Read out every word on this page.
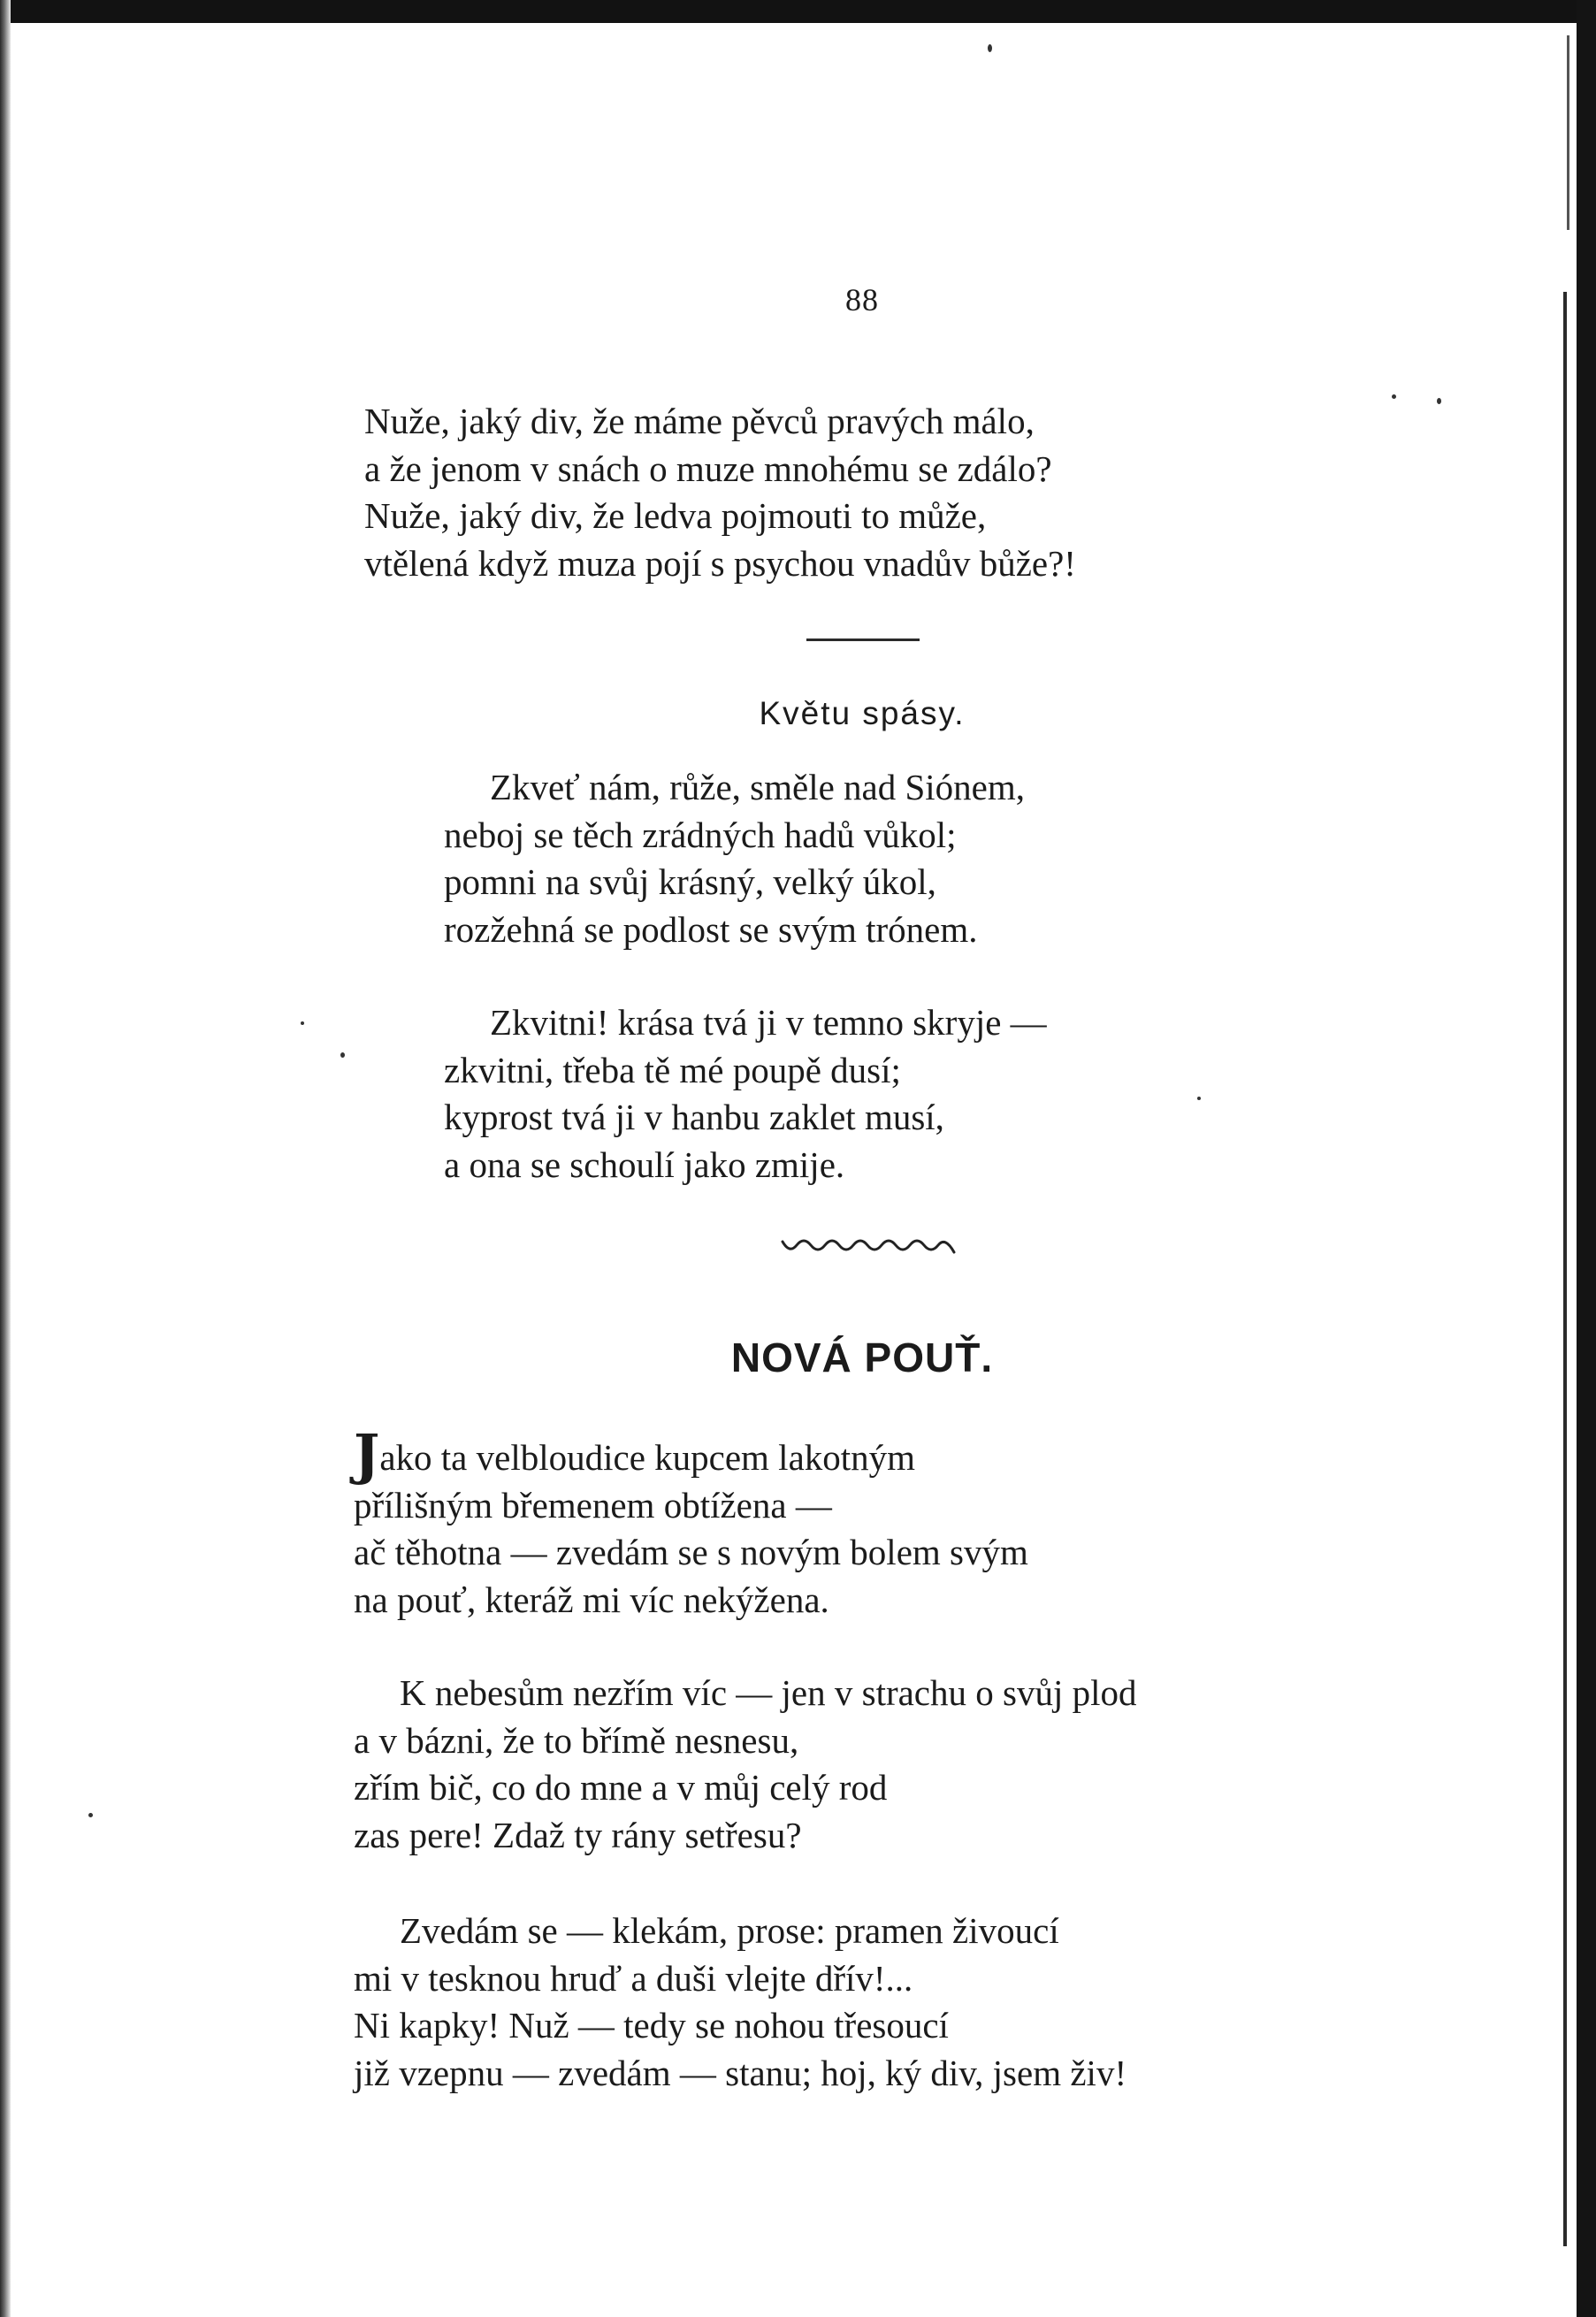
88
Nuže, jaký div, že máme pěvců pravých málo,
a že jenom v snách o muze mnohému se zdálo?
Nuže, jaký div, že ledva pojmouti to může,
vtělená když muza pojí s psychou vnadův bůže?!
Květu spásy.
Zkveť nám, růže, směle nad Siónem,
neboj se těch zrádných hadů vůkol;
pomni na svůj krásný, velký úkol,
rozžehná se podlost se svým trónem.
Zkvitni! krása tvá ji v temno skryje —
zkvitni, třeba tě mé poupě dusí;
kyprost tvá ji v hanbu zaklet musí,
a ona se schoulí jako zmije.
NOVÁ POUŤ.
Jako ta velbloudice kupcem lakotným
přílišným břemenem obtížena —
ač těhotna — zvedám se s novým bolem svým
na pouť, kteráž mi víc nekýžena.
K nebesům nezřím víc — jen v strachu o svůj plod
a v bázni, že to břímě nesnesu,
zřím bič, co do mne a v můj celý rod
zas pere! Zdaž ty rány setřesu?
Zvedám se — klekám, prose: pramen živoucí
mi v tesknou hruď a duši vlejte dřív!...
Ni kapky! Nuž — tedy se nohou třesoucí
již vzepnu — zvedám — stanu; hoj, ký div, jsem živ!
